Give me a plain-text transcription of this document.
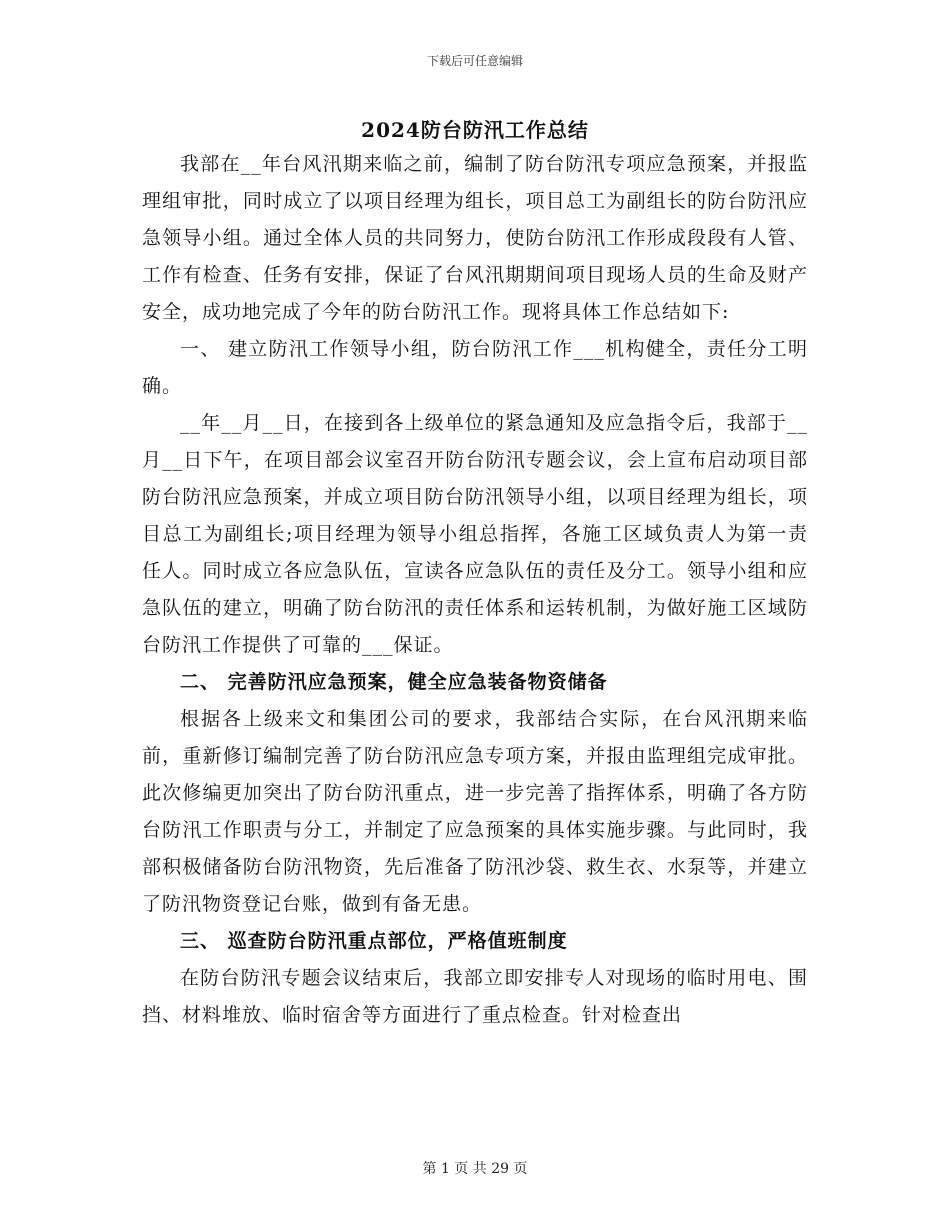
下载后可任意编辑
2024防台防汛工作总结

我部在__年台风汛期来临之前，编制了防台防汛专项应急预案，并报监理组审批，同时成立了以项目经理为组长，项目总工为副组长的防台防汛应急领导小组。通过全体人员的共同努力，使防台防汛工作形成段段有人管、工作有检查、任务有安排，保证了台风汛期期间项目现场人员的生命及财产安全，成功地完成了今年的防台防汛工作。现将具体工作总结如下:

一、 建立防汛工作领导小组，防台防汛工作___机构健全，责任分工明确。

__年__月__日，在接到各上级单位的紧急通知及应急指令后，我部于__月__日下午，在项目部会议室召开防台防汛专题会议，会上宣布启动项目部防台防汛应急预案，并成立项目防台防汛领导小组，以项目经理为组长，项目总工为副组长;项目经理为领导小组总指挥，各施工区域负责人为第一责任人。同时成立各应急队伍，宣读各应急队伍的责任及分工。领导小组和应急队伍的建立，明确了防台防汛的责任体系和运转机制，为做好施工区域防台防汛工作提供了可靠的___保证。

二、 完善防汛应急预案，健全应急装备物资储备

根据各上级来文和集团公司的要求，我部结合实际，在台风汛期来临前，重新修订编制完善了防台防汛应急专项方案，并报由监理组完成审批。此次修编更加突出了防台防汛重点，进一步完善了指挥体系，明确了各方防台防汛工作职责与分工，并制定了应急预案的具体实施步骤。与此同时，我部积极储备防台防汛物资，先后准备了防汛沙袋、救生衣、水泵等，并建立了防汛物资登记台账，做到有备无患。

三、 巡查防台防汛重点部位，严格值班制度

在防台防汛专题会议结束后，我部立即安排专人对现场的临时用电、围挡、材料堆放、临时宿舍等方面进行了重点检查。针对检查出

第 1 页 共 29 页
